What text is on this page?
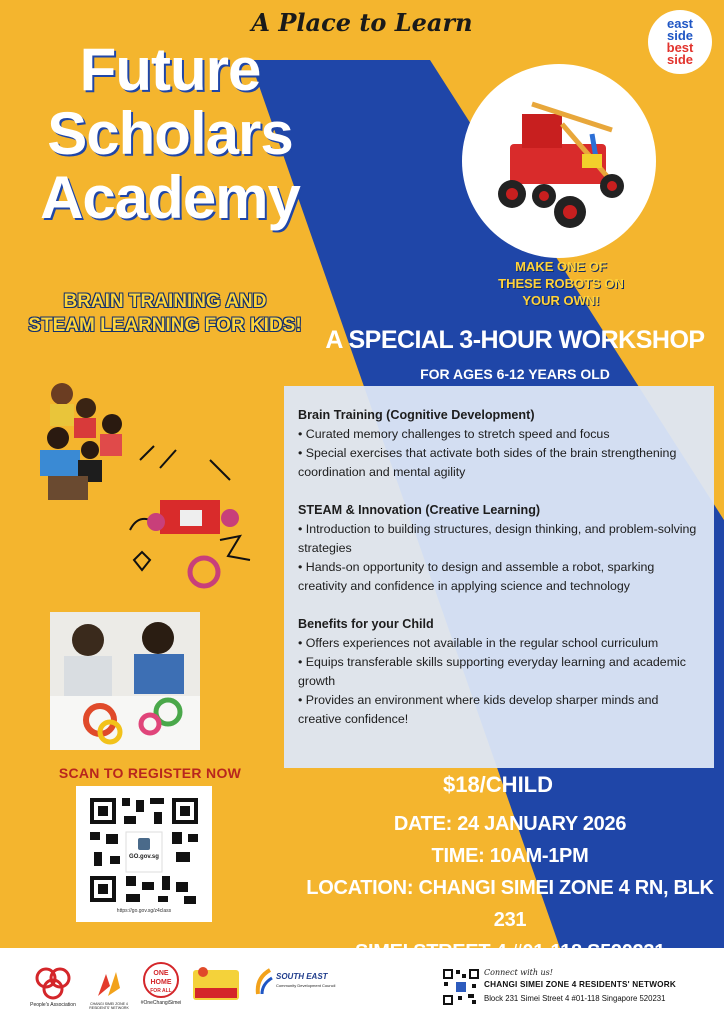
A Place to Learn	east
side
best
side
Future
Scholars
Academy
BRAIN TRAINING AND
STEAM LEARNING FOR KIDS!
MAKE ONE OF
THESE ROBOTS ON
YOUR OWN!
A SPECIAL 3-HOUR WORKSHOP
FOR AGES 6-12 YEARS OLD
Brain Training (Cognitive Development)
• Curated memory challenges to stretch speed and focus
• Special exercises that activate both sides of the brain strengthening coordination and mental agility
STEAM & Innovation (Creative Learning)
• Introduction to building structures, design thinking, and problem-solving strategies
• Hands-on opportunity to design and assemble a robot, sparking creativity and confidence in applying science and technology
Benefits for your Child
• Offers experiences not available in the regular school curriculum
• Equips transferable skills supporting everyday learning and academic growth
• Provides an environment where kids develop sharper minds and creative confidence!
SCAN TO REGISTER NOW
GO.gov.sg
https://go.gov.sg/z4class
$18/CHILD
DATE: 24 JANUARY 2026
TIME: 10AM-1PM
LOCATION: CHANGI SIMEI ZONE 4 RN, BLK 231
People's Association	CHANGI SIMEI ZONE 4 RESIDENTS' NETWORK
ONE
HOME
FOR ALL
#OneChangiSimei
SOUTH EAST
Community Development Council
Connect with us!
CHANGI SIMEI ZONE 4 RESIDENTS' NETWORK
Block 231 Simei Street 4 #01-118 Singapore 520231
